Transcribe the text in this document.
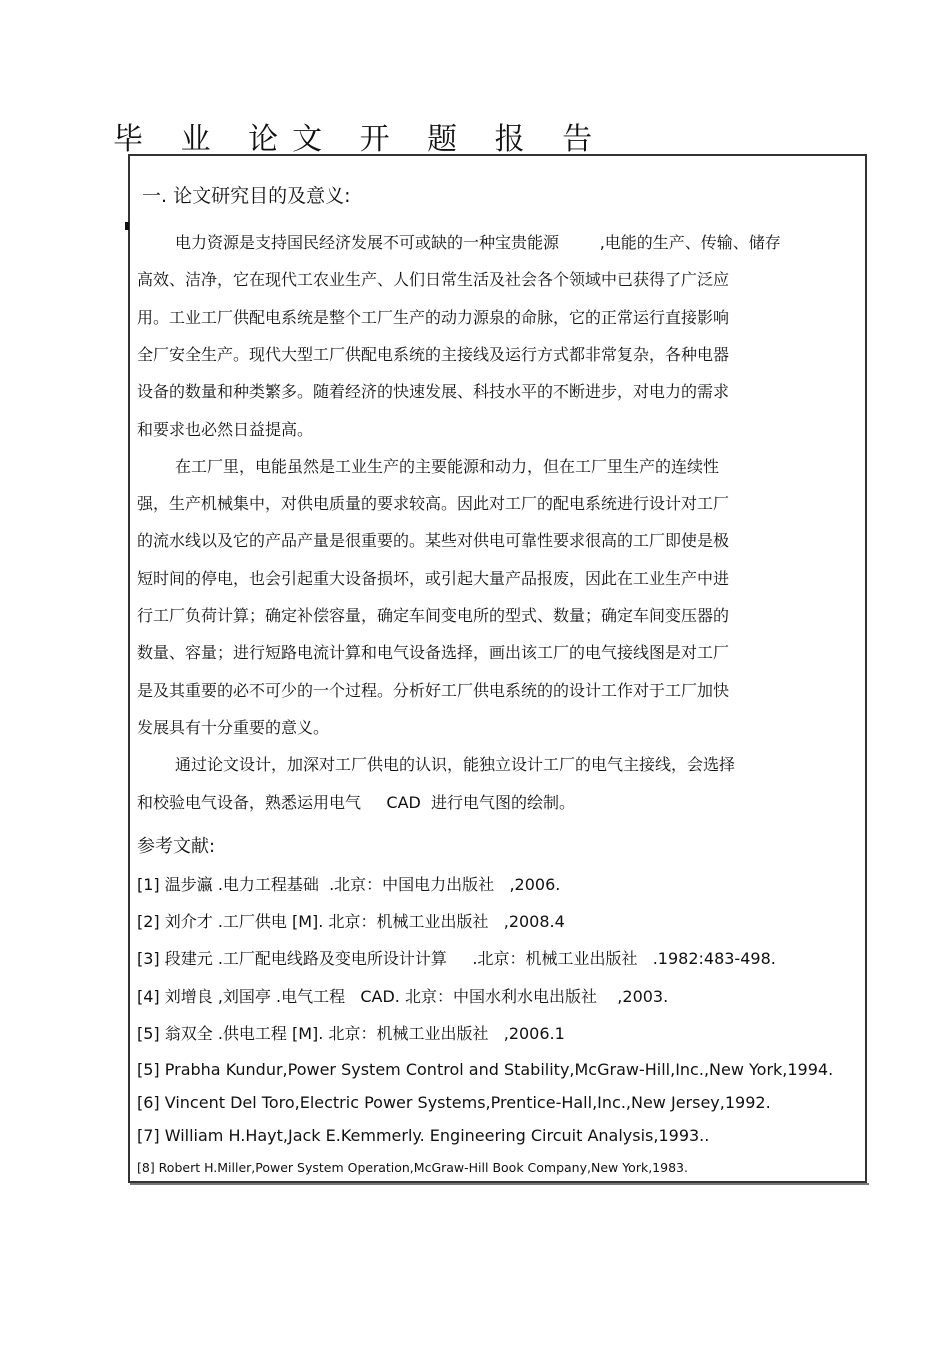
毕 业 论文 开 题 报 告
一. 论文研究目的及意义:
电力资源是支持国民经济发展不可或缺的一种宝贵能源        ,电能的生产、传输、储存
高效、洁净，它在现代工农业生产、人们日常生活及社会各个领域中已获得了广泛应
用。工业工厂供配电系统是整个工厂生产的动力源泉的命脉，它的正常运行直接影响
全厂安全生产。现代大型工厂供配电系统的主接线及运行方式都非常复杂，各种电器
设备的数量和种类繁多。随着经济的快速发展、科技水平的不断进步，对电力的需求
和要求也必然日益提高。
在工厂里，电能虽然是工业生产的主要能源和动力，但在工厂里生产的连续性
强，生产机械集中，对供电质量的要求较高。因此对工厂的配电系统进行设计对工厂
的流水线以及它的产品产量是很重要的。某些对供电可靠性要求很高的工厂即使是极
短时间的停电，也会引起重大设备损坏，或引起大量产品报废，因此在工业生产中进
行工厂负荷计算；确定补偿容量，确定车间变电所的型式、数量；确定车间变压器的
数量、容量；进行短路电流计算和电气设备选择，画出该工厂的电气接线图是对工厂
是及其重要的必不可少的一个过程。分析好工厂供电系统的的设计工作对于工厂加快
发展具有十分重要的意义。
通过论文设计，加深对工厂供电的认识，能独立设计工厂的电气主接线，会选择
和校验电气设备，熟悉运用电气     CAD  进行电气图的绘制。
参考文献:
[1] 温步瀛 .电力工程基础  .北京：中国电力出版社   ,2006.
[2] 刘介才 .工厂供电 [M]. 北京：机械工业出版社   ,2008.4
[3] 段建元 .工厂配电线路及变电所设计计算     .北京：机械工业出版社   .1982:483-498.
[4] 刘增良 ,刘国亭 .电气工程   CAD. 北京：中国水利水电出版社    ,2003.
[5] 翁双全 .供电工程 [M]. 北京：机械工业出版社   ,2006.1
[5] Prabha Kundur,Power System Control and Stability,McGraw-Hill,Inc.,New York,1994.
[6] Vincent Del Toro,Electric Power Systems,Prentice-Hall,Inc.,New Jersey,1992.
[7] William H.Hayt,Jack E.Kemmerly. Engineering Circuit Analysis,1993..
[8] Robert H.Miller,Power System Operation,McGraw-Hill Book Company,New York,1983.
